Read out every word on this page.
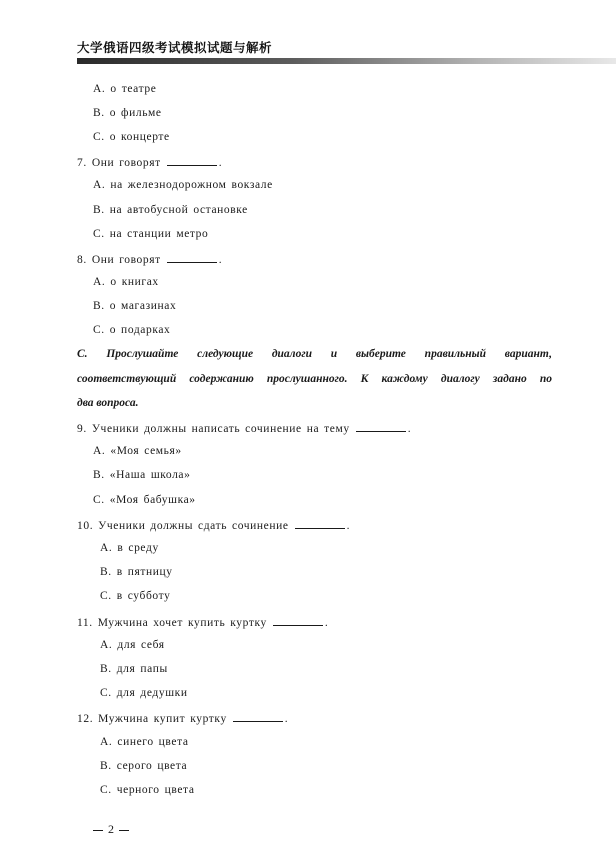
大学俄语四级考试模拟试题与解析
A. о театре
B. о фильме
C. о концерте
7. Они говорят	.
A. на железнодорожном вокзале
B. на автобусной остановке
C. на станции метро
8. Они говорят	.
A. о книгах
B. о магазинах
C. о подарках
C. Прослушайте следующие диалоги и выберите правильный вариант,
соответствующий содержанию прослушанного. К каждому диалогу задано по
два вопроса.
9. Ученики должны написать сочинение на тему	.
A. «Моя семья»
B. «Наша школа»
C. «Моя бабушка»
10. Ученики должны сдать сочинение	.
A. в среду
B. в пятницу
C. в субботу
11. Мужчина хочет купить куртку	.
A. для себя
B. для папы
C. для дедушки
12. Мужчина купит куртку	.
A. синего цвета
B. серого цвета
C. черного цвета
2
